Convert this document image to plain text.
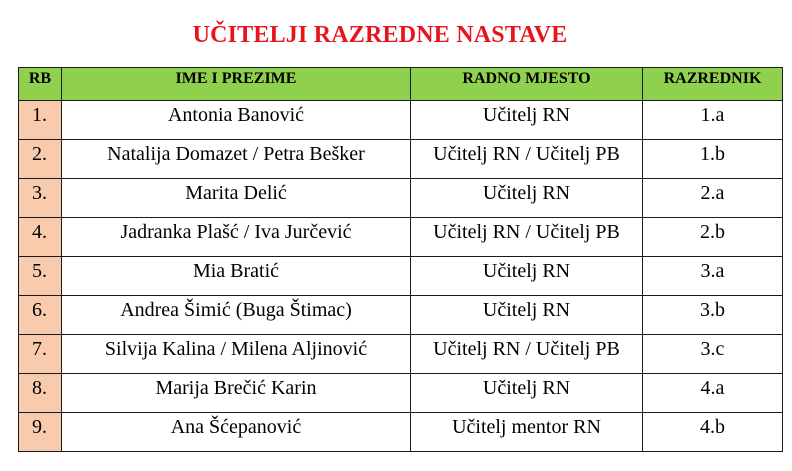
UČITELJI RAZREDNE NASTAVE
RB	IME I PREZIME	RADNO MJESTO	RAZREDNIK
1.	Antonia Banović	Učitelj RN	1.a
2.	Natalija Domazet / Petra Bešker	Učitelj RN / Učitelj PB	1.b
3.	Marita Delić	Učitelj RN	2.a
4.	Jadranka Plašć / Iva Jurčević	Učitelj RN / Učitelj PB	2.b
5.	Mia Bratić	Učitelj RN	3.a
6.	Andrea Šimić (Buga Štimac)	Učitelj RN	3.b
7.	Silvija Kalina / Milena Aljinović	Učitelj RN / Učitelj PB	3.c
8.	Marija Brečić Karin	Učitelj RN	4.a
9.	Ana Šćepanović	Učitelj mentor RN	4.b
